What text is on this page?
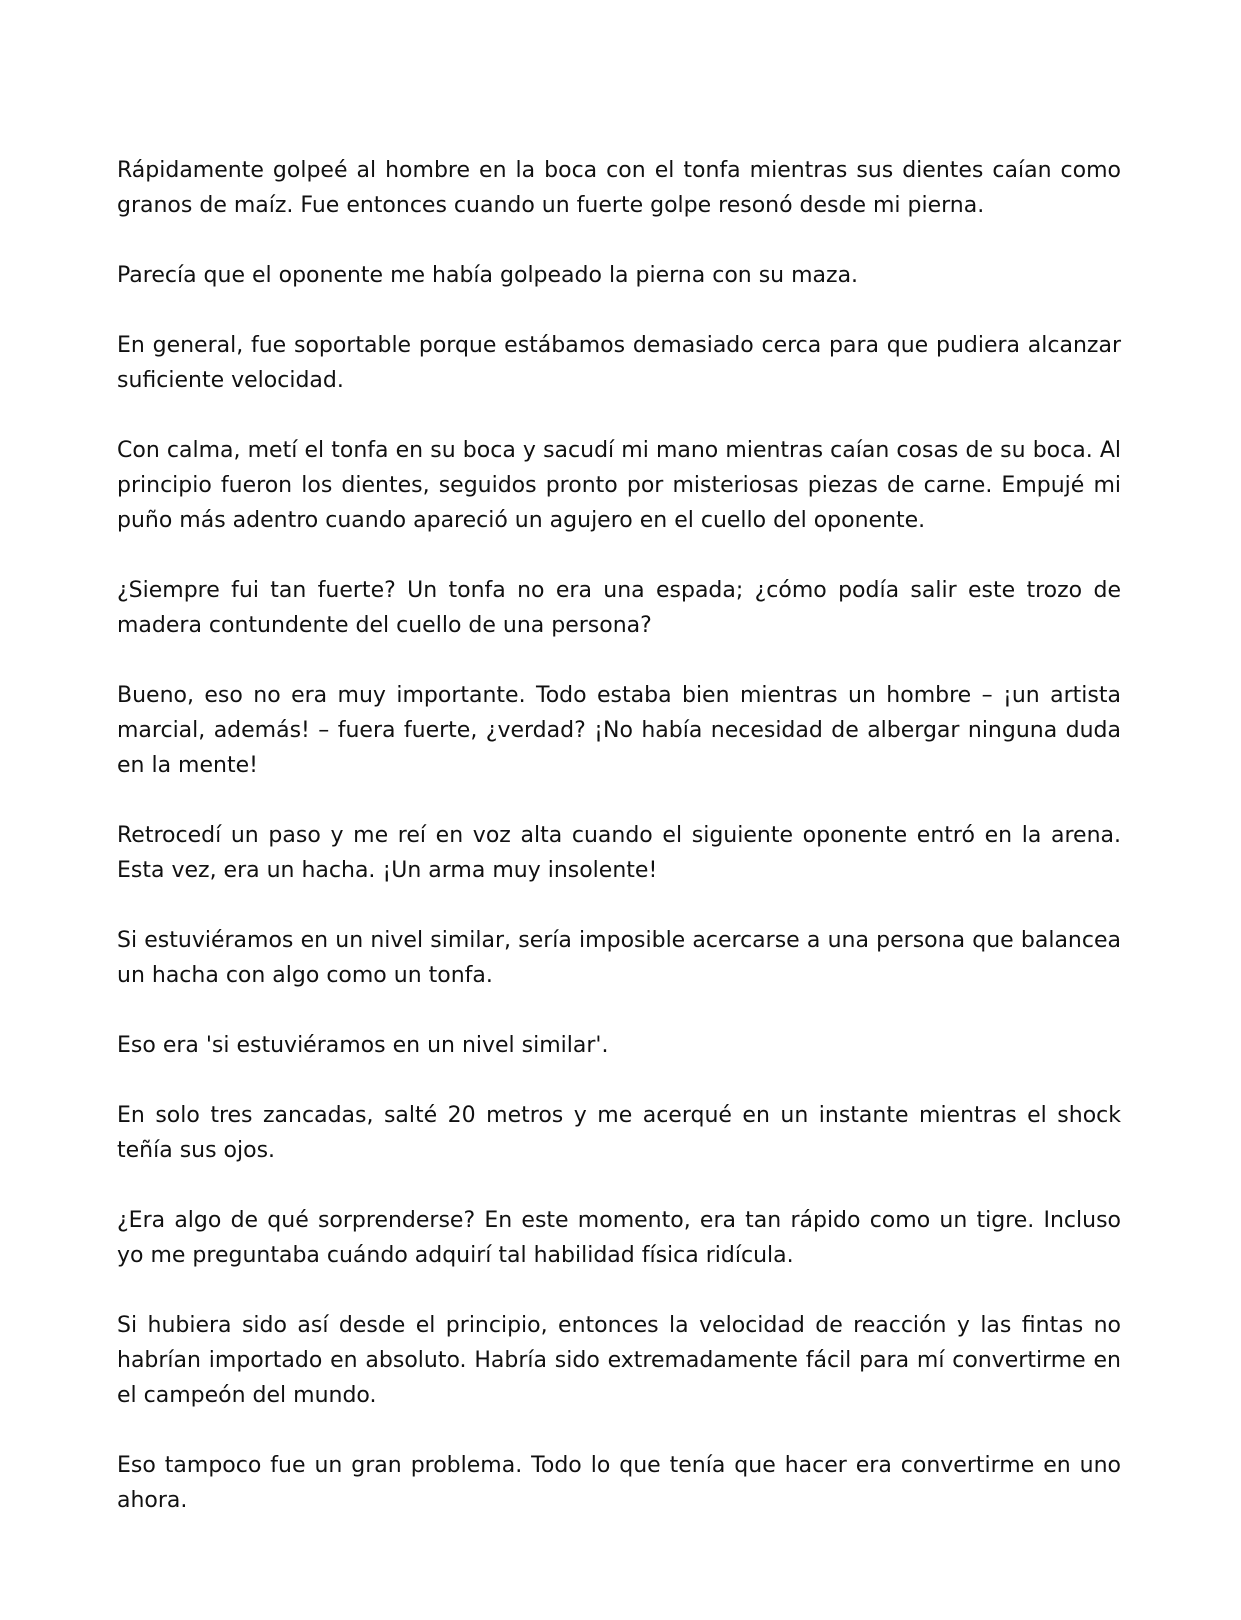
Rápidamente golpeé al hombre en la boca con el tonfa mientras sus dientes caían como granos de maíz. Fue entonces cuando un fuerte golpe resonó desde mi pierna.

Parecía que el oponente me había golpeado la pierna con su maza.

En general, fue soportable porque estábamos demasiado cerca para que pudiera alcanzar suficiente velocidad.

Con calma, metí el tonfa en su boca y sacudí mi mano mientras caían cosas de su boca. Al principio fueron los dientes, seguidos pronto por misteriosas piezas de carne. Empujé mi puño más adentro cuando apareció un agujero en el cuello del oponente.

¿Siempre fui tan fuerte? Un tonfa no era una espada; ¿cómo podía salir este trozo de madera contundente del cuello de una persona?

Bueno, eso no era muy importante. Todo estaba bien mientras un hombre – ¡un artista marcial, además! – fuera fuerte, ¿verdad? ¡No había necesidad de albergar ninguna duda en la mente!

Retrocedí un paso y me reí en voz alta cuando el siguiente oponente entró en la arena. Esta vez, era un hacha. ¡Un arma muy insolente!

Si estuviéramos en un nivel similar, sería imposible acercarse a una persona que balancea un hacha con algo como un tonfa.

Eso era 'si estuviéramos en un nivel similar'.

En solo tres zancadas, salté 20 metros y me acerqué en un instante mientras el shock teñía sus ojos.

¿Era algo de qué sorprenderse? En este momento, era tan rápido como un tigre. Incluso yo me preguntaba cuándo adquirí tal habilidad física ridícula.

Si hubiera sido así desde el principio, entonces la velocidad de reacción y las fintas no habrían importado en absoluto. Habría sido extremadamente fácil para mí convertirme en el campeón del mundo.

Eso tampoco fue un gran problema. Todo lo que tenía que hacer era convertirme en uno ahora.
